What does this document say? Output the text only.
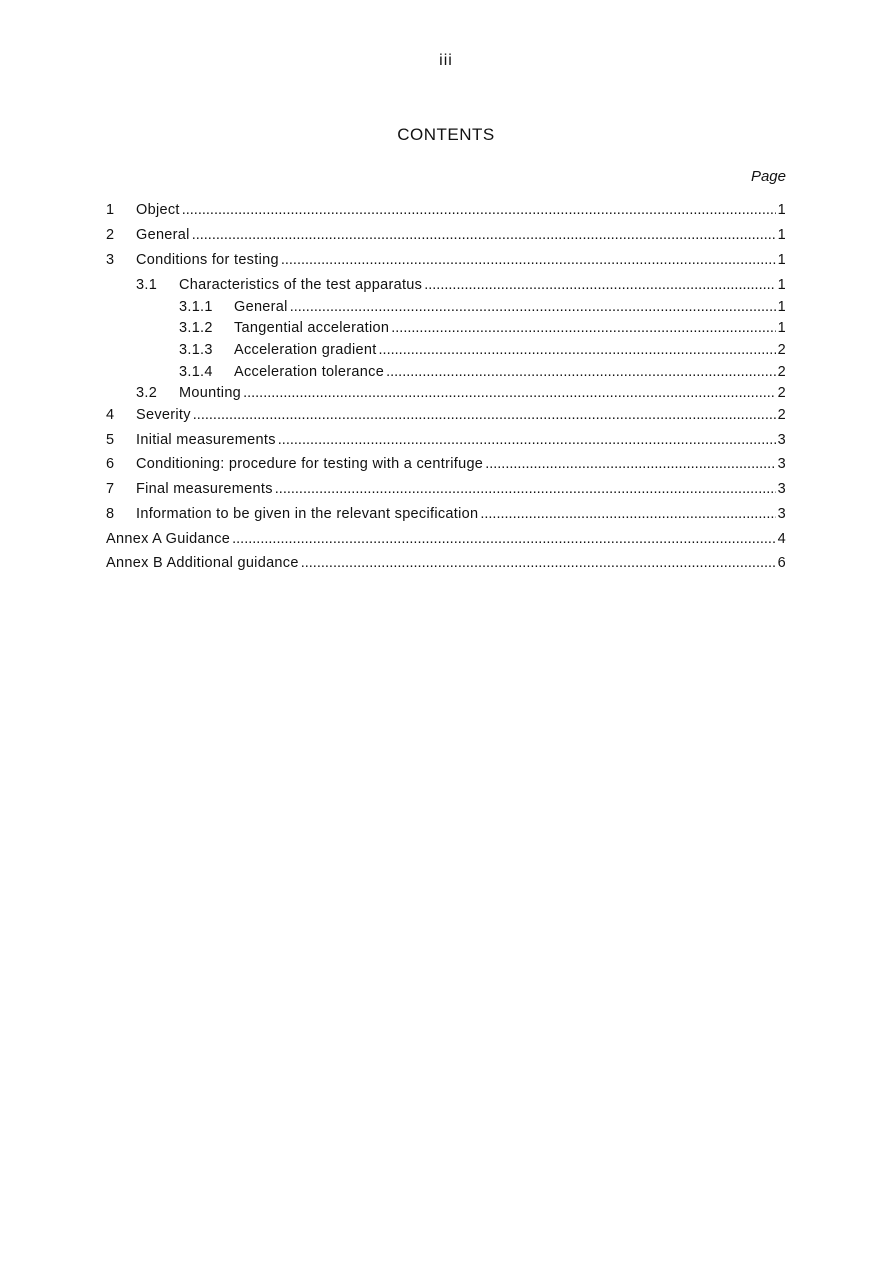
iii
CONTENTS
Page
1	Object .....	1
2	General .....	1
3	Conditions for testing .....	1
3.1	Characteristics of the test apparatus .....	1
3.1.1	General .....	1
3.1.2	Tangential acceleration .....	1
3.1.3	Acceleration gradient .....	2
3.1.4	Acceleration tolerance .....	2
3.2	Mounting .....	2
4	Severity .....	2
5	Initial measurements .....	3
6	Conditioning: procedure for testing with a centrifuge .....	3
7	Final measurements .....	3
8	Information to be given in the relevant specification .....	3
Annex A Guidance .....	4
Annex B Additional guidance .....	6
